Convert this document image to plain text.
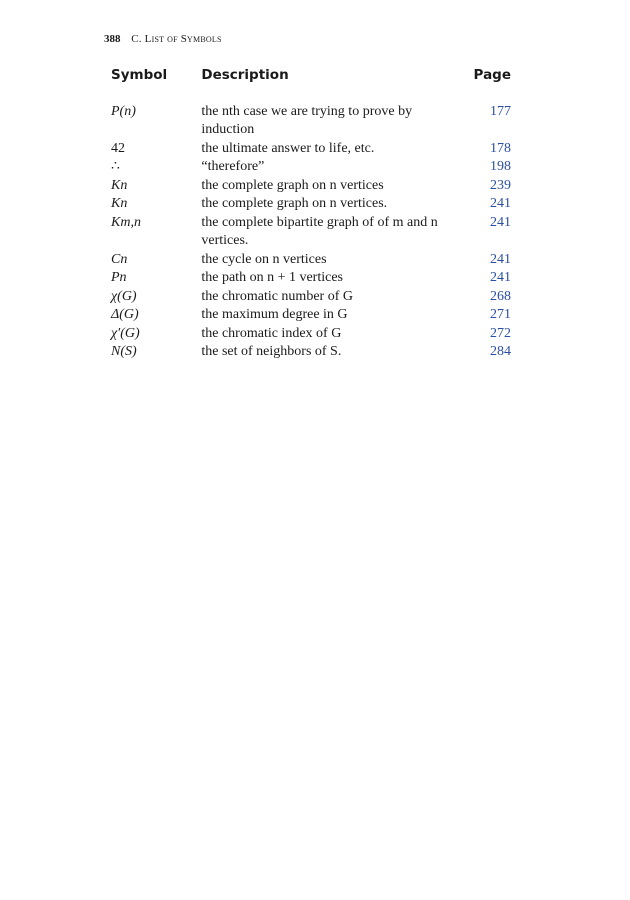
388 C. List of Symbols
Symbol	Description	Page
P(n)	the nth case we are trying to prove by induction	177
42	the ultimate answer to life, etc.	178
∴	“therefore”	198
Kn	the complete graph on n vertices	239
Kn	the complete graph on n vertices.	241
Km,n	the complete bipartite graph of of m and n vertices.	241
Cn	the cycle on n vertices	241
Pn	the path on n + 1 vertices	241
χ(G)	the chromatic number of G	268
Δ(G)	the maximum degree in G	271
χ′(G)	the chromatic index of G	272
N(S)	the set of neighbors of S.	284
